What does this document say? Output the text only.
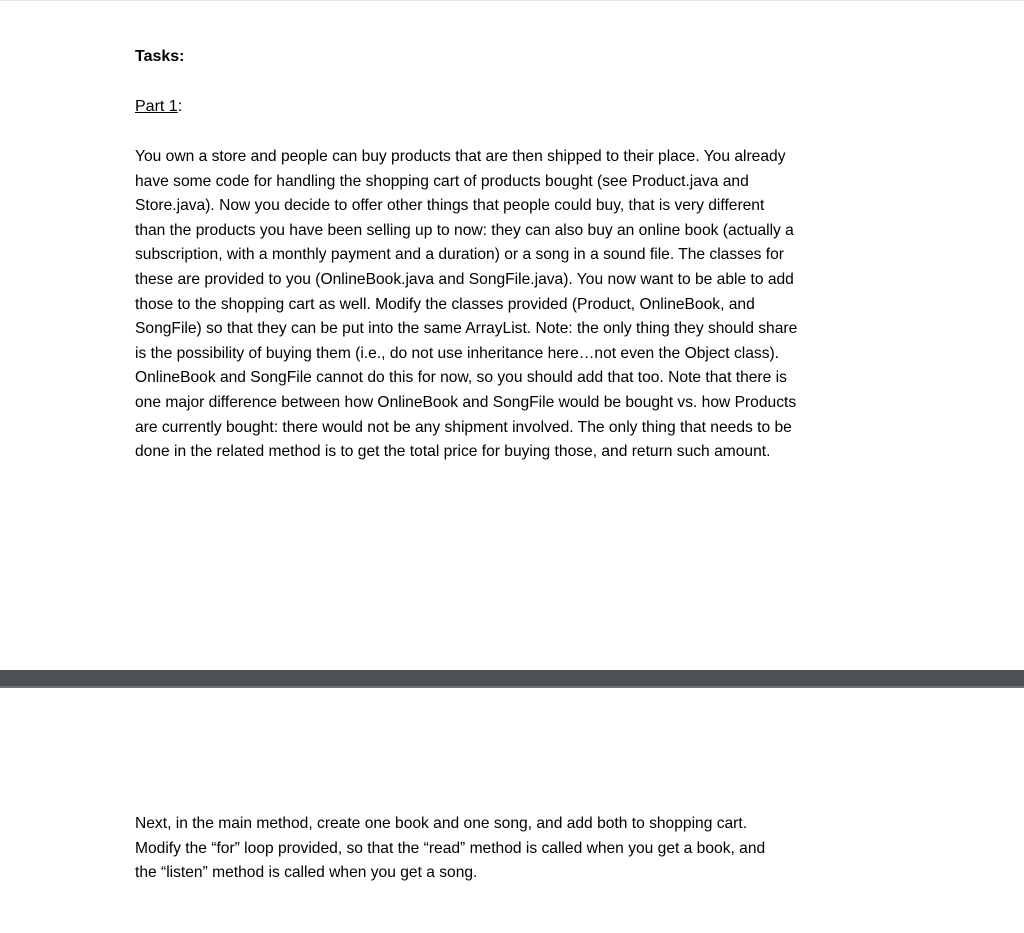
Tasks:
Part 1:

You own a store and people can buy products that are then shipped to their place. You already
have some code for handling the shopping cart of products bought (see Product.java and
Store.java). Now you decide to offer other things that people could buy, that is very different
than the products you have been selling up to now: they can also buy an online book (actually a
subscription, with a monthly payment and a duration) or a song in a sound file. The classes for
these are provided to you (OnlineBook.java and SongFile.java). You now want to be able to add
those to the shopping cart as well. Modify the classes provided (Product, OnlineBook, and
SongFile) so that they can be put into the same ArrayList. Note: the only thing they should share
is the possibility of buying them (i.e., do not use inheritance here…not even the Object class).
OnlineBook and SongFile cannot do this for now, so you should add that too. Note that there is
one major difference between how OnlineBook and SongFile would be bought vs. how Products
are currently bought: there would not be any shipment involved. The only thing that needs to be
done in the related method is to get the total price for buying those, and return such amount.

Next, in the main method, create one book and one song, and add both to shopping cart.
Modify the “for” loop provided, so that the “read” method is called when you get a book, and
the “listen” method is called when you get a song.
